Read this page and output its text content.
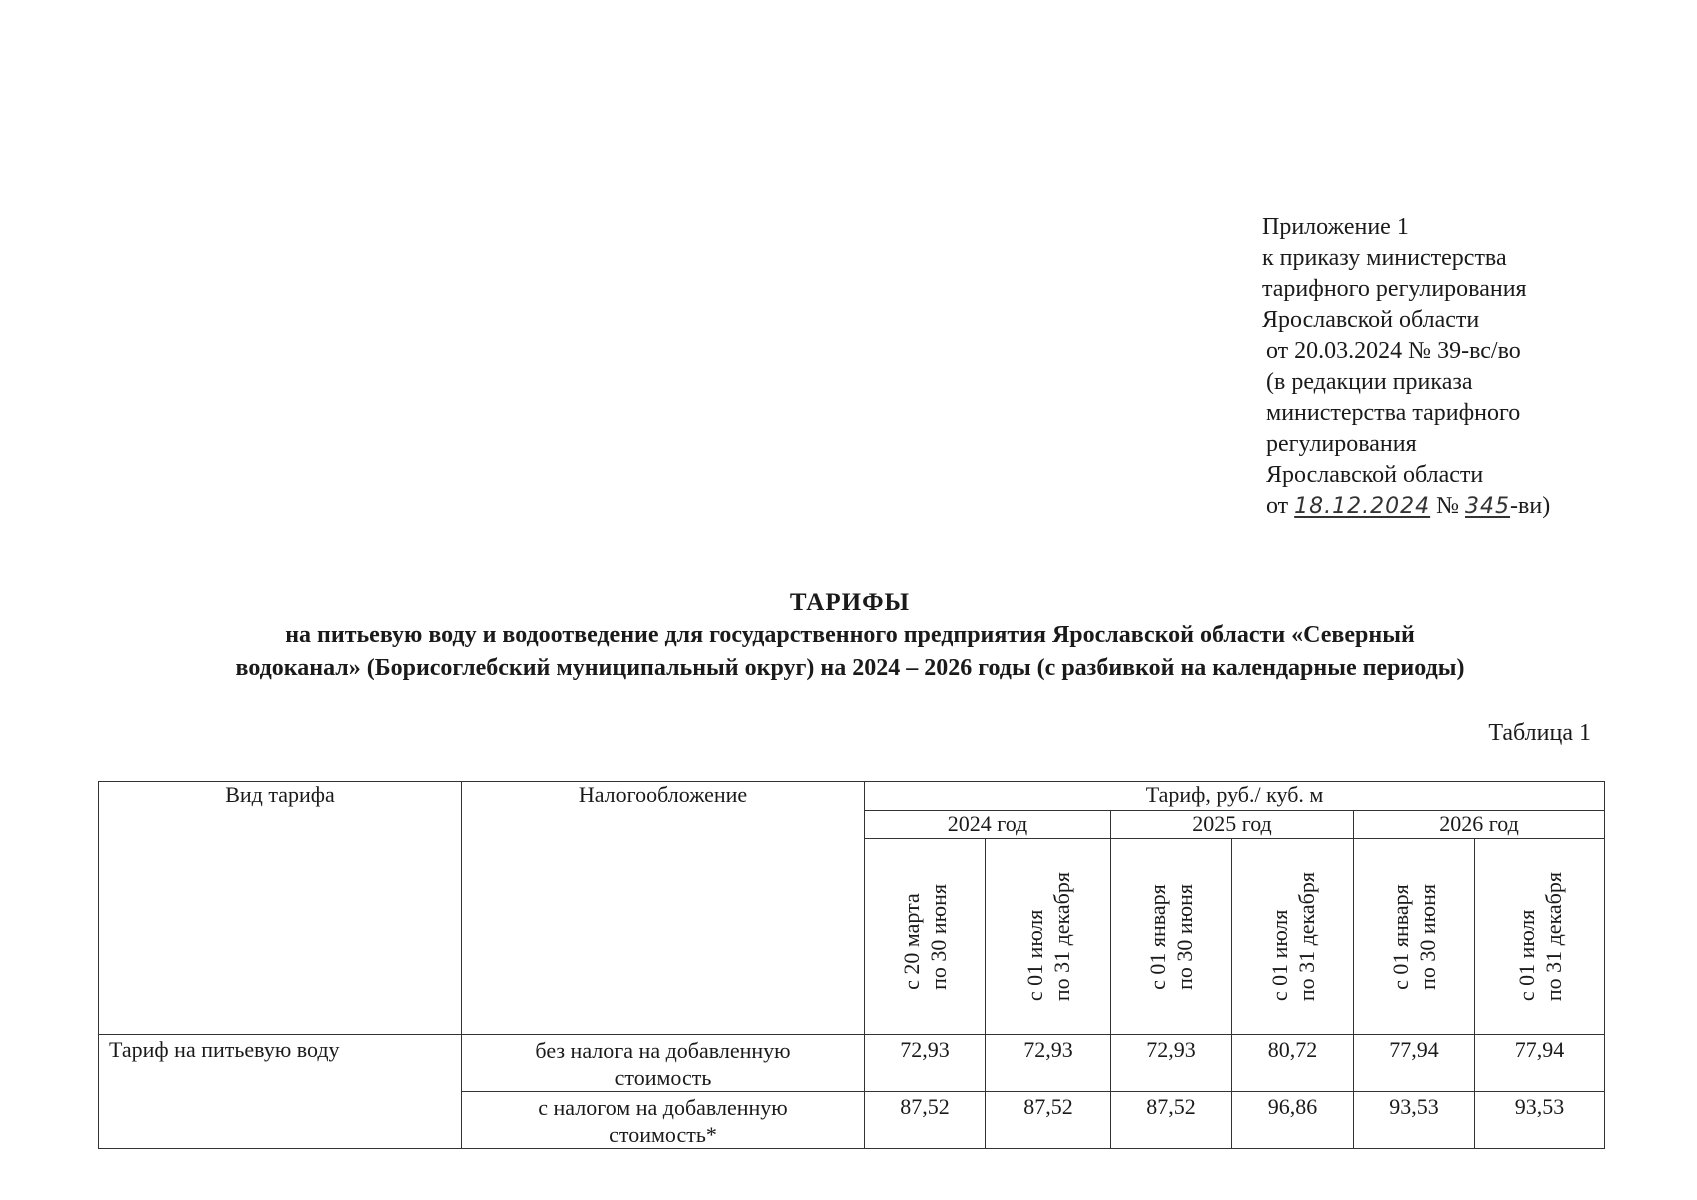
Приложение 1
к приказу министерства
тарифного регулирования
Ярославской области
от 20.03.2024 № 39-вс/во
(в редакции приказа
министерства тарифного
регулирования
Ярославской области
от 18.12.2024 № 345-ви)
ТАРИФЫ
на питьевую воду и водоотведение для государственного предприятия Ярославской области «Северный
водоканал» (Борисоглебский муниципальный округ) на 2024 – 2026 годы (с разбивкой на календарные периоды)
Таблица 1
Вид тарифа	Налогообложение	Тариф, руб./ куб. м					
		2024 год		2025 год		2026 год	

		с 20 марта
по 30 июня	с 01 июля
по 31 декабря	с 01 января
по 30 июня	с 01 июля
по 31 декабря	с 01 января
по 30 июня	с 01 июля
по 31 декабря

Тариф на питьевую воду	без налога на добавленную
стоимость	72,93	72,93	72,93	80,72	77,94	77,94
	с налогом на добавленную
стоимость*	87,52	87,52	87,52	96,86	93,53	93,53
